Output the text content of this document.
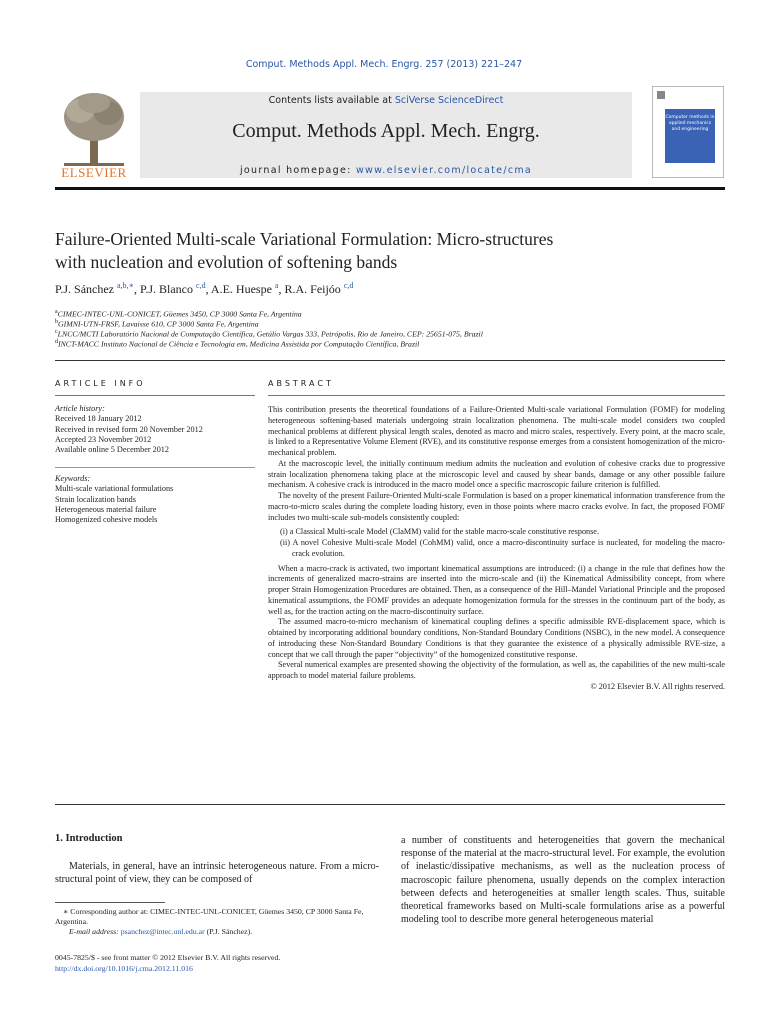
Comput. Methods Appl. Mech. Engrg. 257 (2013) 221–247
ELSEVIER
Contents lists available at SciVerse ScienceDirect
Comput. Methods Appl. Mech. Engrg.
journal homepage: www.elsevier.com/locate/cma
Computer methods in applied mechanics and engineering
Failure-Oriented Multi-scale Variational Formulation: Micro-structures
with nucleation and evolution of softening bands
P.J. Sánchez $^{a,b,∗}$, P.J. Blanco $^{c,d}$, A.E. Huespe $^a$, R.A. Feijóo $^{c,d}$
$^a$CIMEC-INTEC-UNL-CONICET, Güemes 3450, CP 3000 Santa Fe, Argentina
$^b$GIMNI-UTN-FRSF, Lavaisse 610, CP 3000 Santa Fe, Argentina
$^c$LNCC/MCTI Laboratório Nacional de Computação Científica, Getúlio Vargas 333, Petrópolis, Rio de Janeiro, CEP: 25651-075, Brazil
$^d$INCT-MACC Instituto Nacional de Ciência e Tecnologia em, Medicina Assistida por Computação Científica, Brazil
ARTICLE INFO
Article history:
Received 18 January 2012
Received in revised form 20 November 2012
Accepted 23 November 2012
Available online 5 December 2012
Keywords:
Multi-scale variational formulations
Strain localization bands
Heterogeneous material failure
Homogenized cohesive models
ABSTRACT

This contribution presents the theoretical foundations of a Failure-Oriented Multi-scale variational Formulation (FOMF) for modeling heterogeneous softening-based materials undergoing strain localization phenomena. The multi-scale model considers two coupled mechanical problems at different physical length scales, denoted as macro and micro scales, respectively. Every point, at the macro scale, is linked to a Representative Volume Element (RVE), and its constitutive response emerges from a consistent homogenization of the micro-mechanical problem.

At the macroscopic level, the initially continuum medium admits the nucleation and evolution of cohesive cracks due to progressive strain localization phenomena taking place at the microscopic level and caused by shear bands, damage or any other possible failure mechanism. A cohesive crack is introduced in the macro model once a specific macroscopic failure criterion is fulfilled.

The novelty of the present Failure-Oriented Multi-scale Formulation is based on a proper kinematical information transference from the macro-to-micro scales during the complete loading history, even in those points where macro cracks evolve. In fact, the proposed FOMF includes two multi-scale sub-models consistently coupled:

(i) a Classical Multi-scale Model (ClaMM) valid for the stable macro-scale constitutive response.
(ii) A novel Cohesive Multi-scale Model (CohMM) valid, once a macro-discontinuity surface is nucleated, for modeling the macro-crack evolution.

When a macro-crack is activated, two important kinematical assumptions are introduced: (i) a change in the rule that defines how the increments of generalized macro-strains are inserted into the micro-scale and (ii) the Kinematical Admissibility concept, from where proper Strain Homogenization Procedures are obtained. Then, as a consequence of the Hill–Mandel Variational Principle and the proposed kinematical assumptions, the FOMF provides an adequate homogenization formula for the stresses in the continuum part of the body, as well as, for the traction acting on the macro-discontinuity surface.

The assumed macro-to-micro mechanism of kinematical coupling defines a specific admissible RVE-displacement space, which is obtained by incorporating additional boundary conditions, Non-Standard Boundary Conditions (NSBC), in the new model. A consequence of introducing these Non-Standard Boundary Conditions is that they guarantee the existence of a physically admissible RVE-size, a concept that we call through the paper “objectivity” of the homogenized constitutive response.

Several numerical examples are presented showing the objectivity of the formulation, as well as, the capabilities of the new multi-scale approach to model material failure problems.

© 2012 Elsevier B.V. All rights reserved.
1. Introduction
Materials, in general, have an intrinsic heterogeneous nature. From a micro-structural point of view, they can be composed of
a number of constituents and heterogeneities that govern the mechanical response of the material at the macro-structural level. For example, the evolution of inelastic/dissipative mechanisms, as well as the nucleation process of macroscopic failure phenomena, usually depends on the complex interaction between defects and heterogeneities at smaller length scales. Thus, suitable theoretical frameworks based on Multi-scale formulations arise as a powerful modeling tool to describe more general heterogeneous material
∗ Corresponding author at: CIMEC-INTEC-UNL-CONICET, Güemes 3450, CP 3000 Santa Fe, Argentina.
E-mail address: psanchez@intec.unl.edu.ar (P.J. Sánchez).
0045-7825/$ - see front matter © 2012 Elsevier B.V. All rights reserved.
http://dx.doi.org/10.1016/j.cma.2012.11.016
